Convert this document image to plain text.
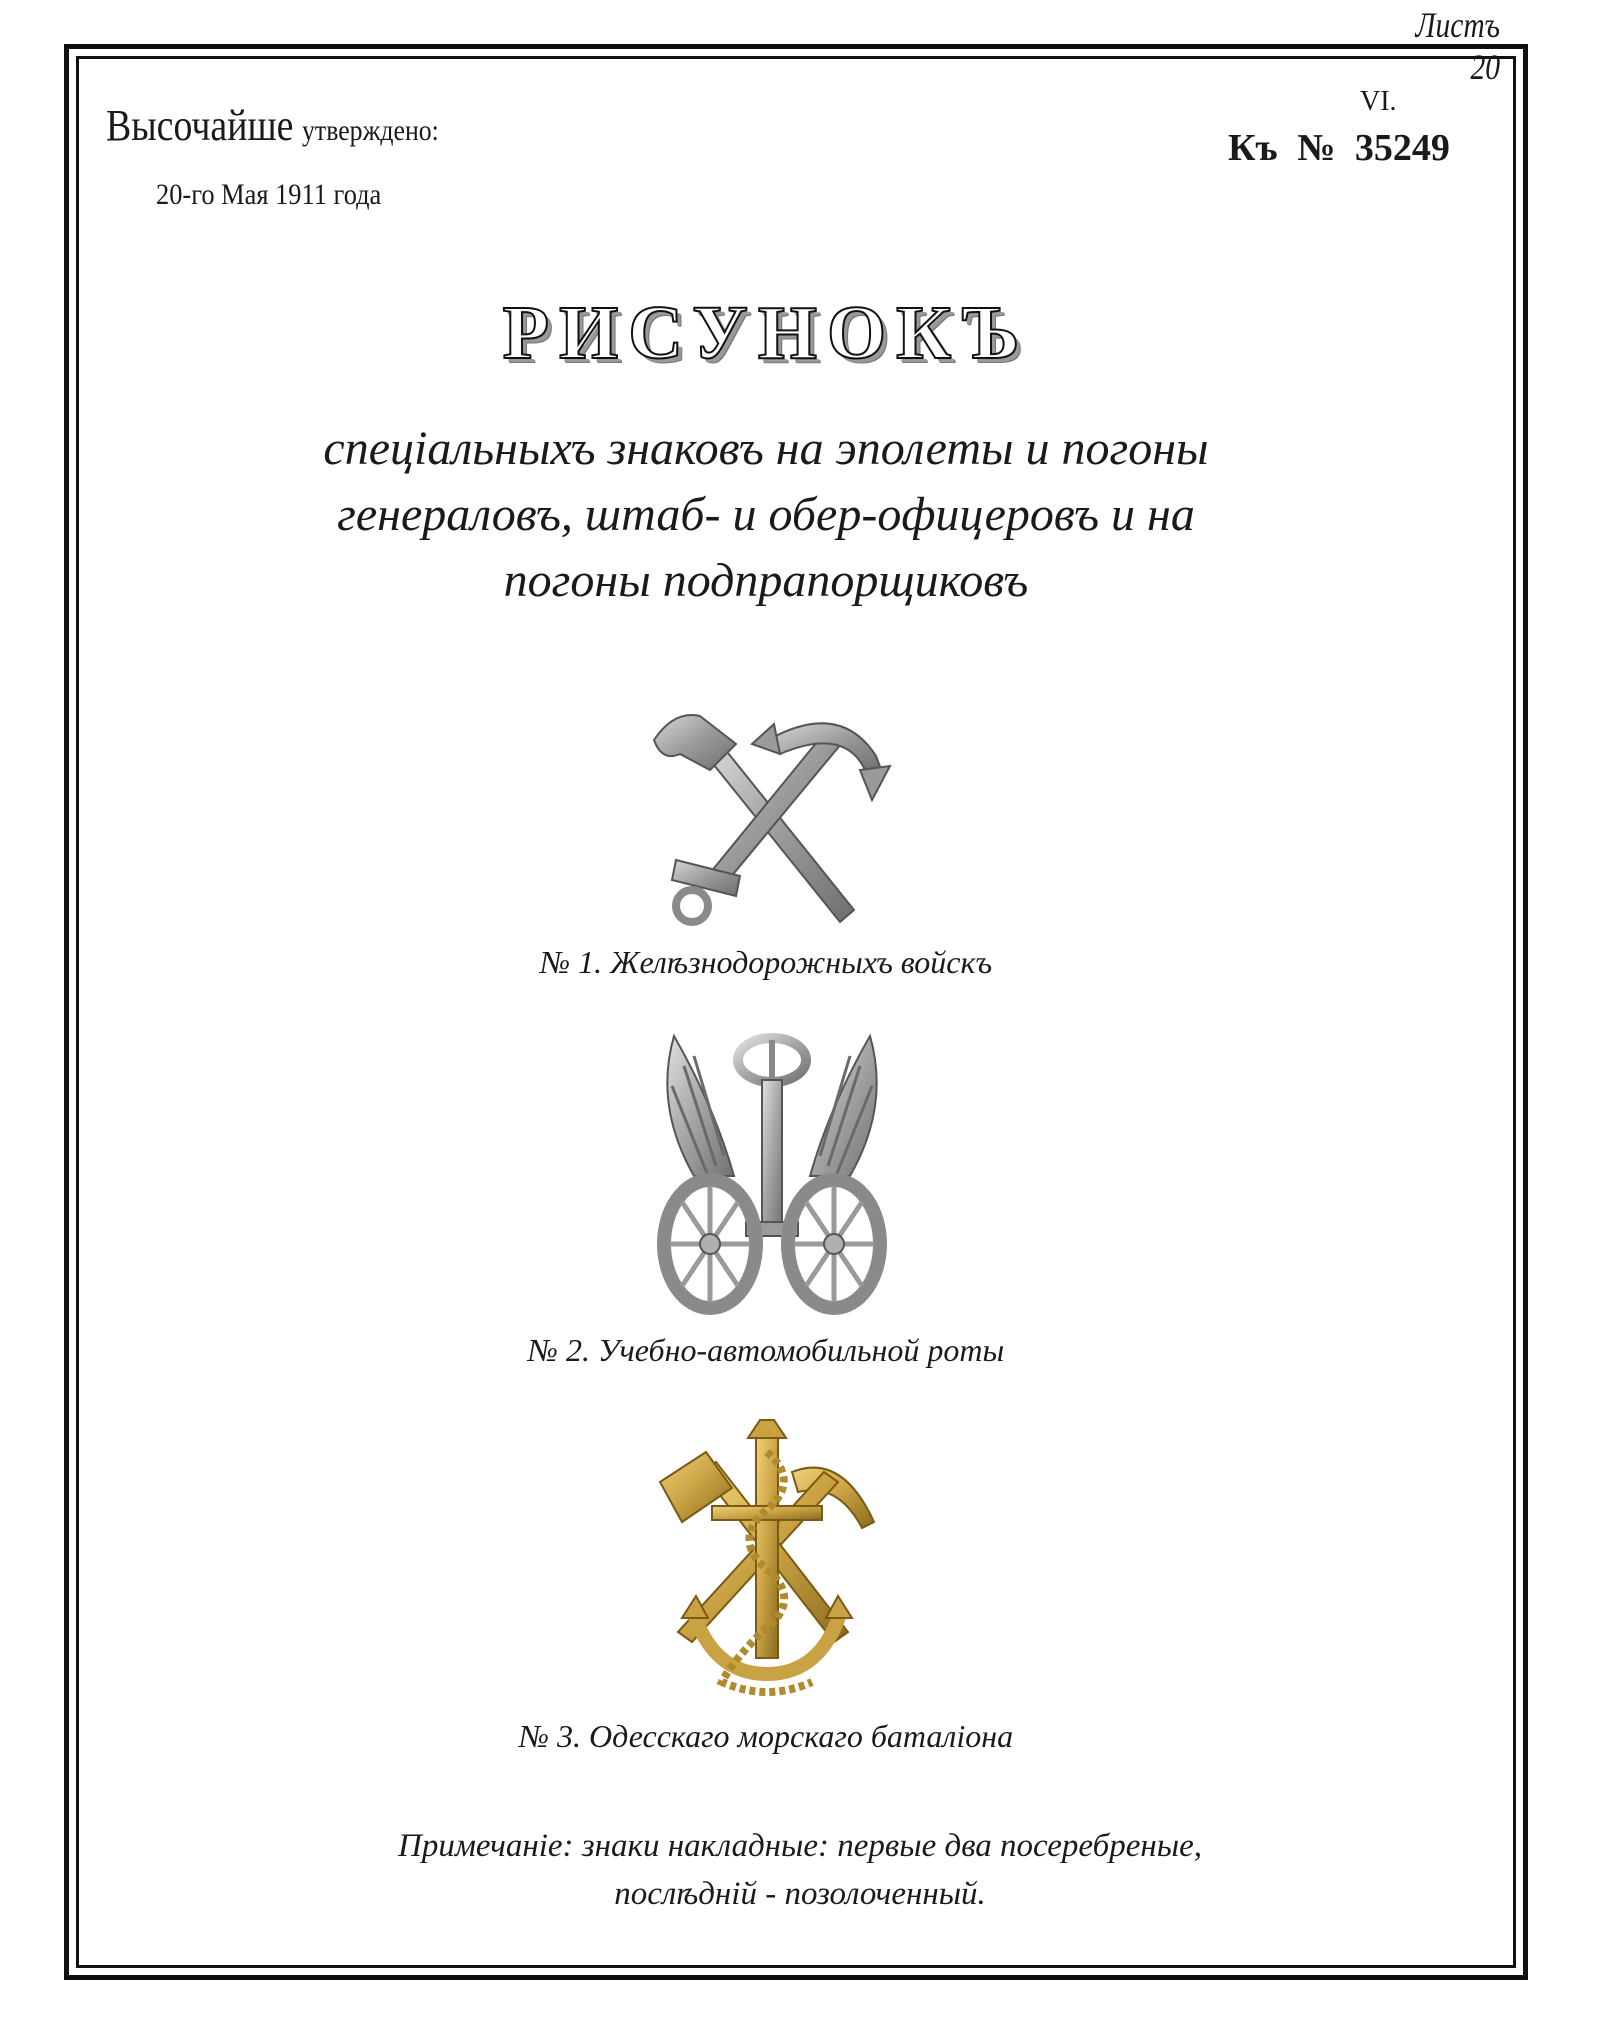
Листъ 20
Высочайше утверждено:
20-го Мая 1911 года
VI.
Къ № 35249
РИСУНОКЪ
спецiальныхъ знаковъ на эполеты и погоны
генераловъ, штаб- и обер-офицеровъ и на
погоны подпрапорщиковъ
№ 1. Желѣзнодорожныхъ войскъ
№ 2. Учебно-автомобильной роты
№ 3. Одесскаго морскаго баталiона
Примечанiе: знаки накладные: первые два посеребреные,
послѣднiй - позолоченный.
